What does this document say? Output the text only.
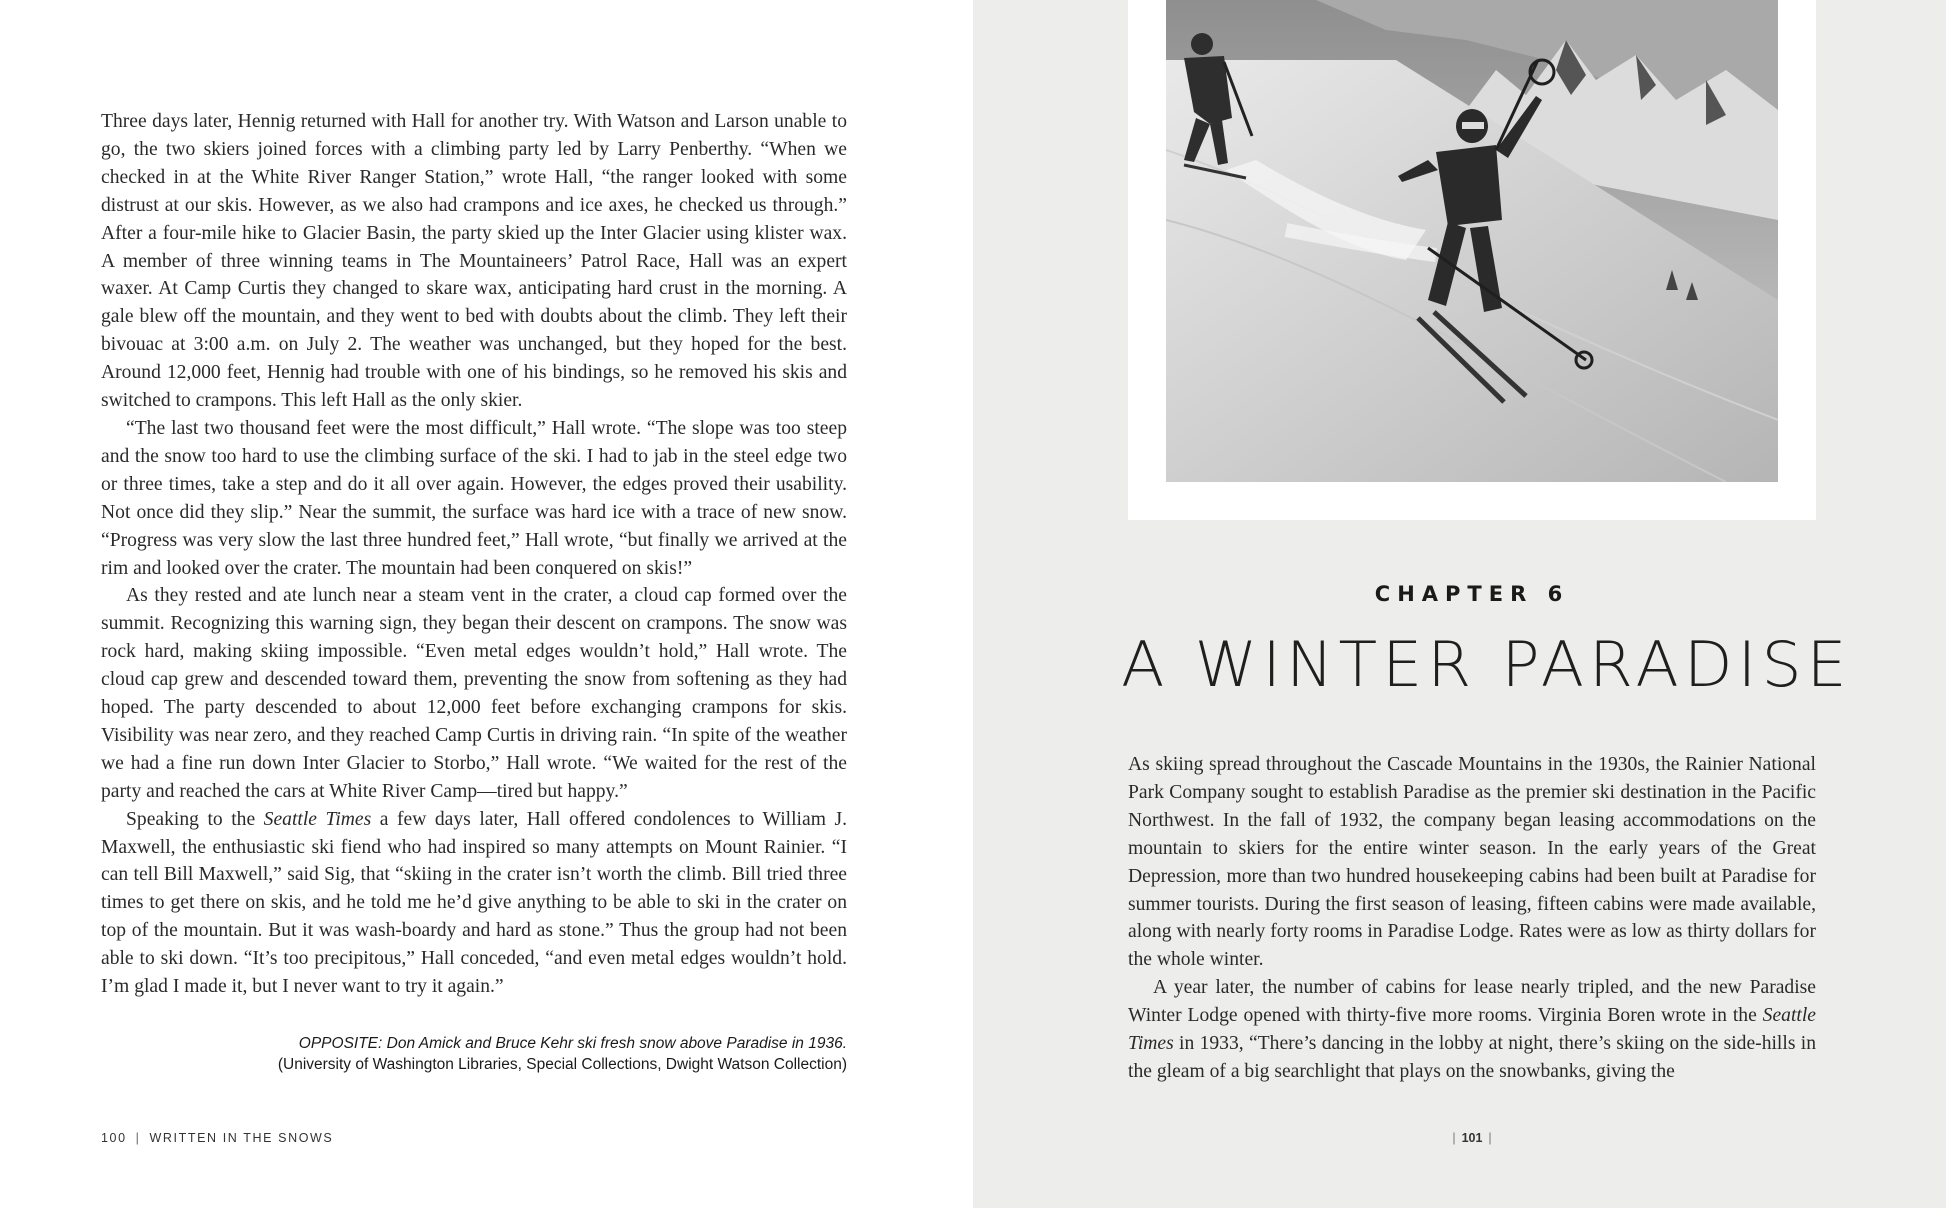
Three days later, Hennig returned with Hall for another try. With Watson and Larson unable to go, the two skiers joined forces with a climbing party led by Larry Penberthy. “When we checked in at the White River Ranger Station,” wrote Hall, “the ranger looked with some distrust at our skis. However, as we also had crampons and ice axes, he checked us through.” After a four-mile hike to Glacier Basin, the party skied up the Inter Glacier using klister wax. A member of three winning teams in The Mountaineers’ Patrol Race, Hall was an expert waxer. At Camp Curtis they changed to skare wax, anticipating hard crust in the morning. A gale blew off the mountain, and they went to bed with doubts about the climb. They left their bivouac at 3:00 a.m. on July 2. The weather was unchanged, but they hoped for the best. Around 12,000 feet, Hennig had trouble with one of his bindings, so he removed his skis and switched to crampons. This left Hall as the only skier.

“The last two thousand feet were the most difficult,” Hall wrote. “The slope was too steep and the snow too hard to use the climbing surface of the ski. I had to jab in the steel edge two or three times, take a step and do it all over again. However, the edges proved their usability. Not once did they slip.” Near the summit, the surface was hard ice with a trace of new snow. “Progress was very slow the last three hundred feet,” Hall wrote, “but finally we arrived at the rim and looked over the crater. The mountain had been conquered on skis!”

As they rested and ate lunch near a steam vent in the crater, a cloud cap formed over the summit. Recognizing this warning sign, they began their descent on crampons. The snow was rock hard, making skiing impossible. “Even metal edges wouldn’t hold,” Hall wrote. The cloud cap grew and descended toward them, preventing the snow from softening as they had hoped. The party descended to about 12,000 feet before exchanging crampons for skis. Visibility was near zero, and they reached Camp Curtis in driving rain. “In spite of the weather we had a fine run down Inter Glacier to Storbo,” Hall wrote. “We waited for the rest of the party and reached the cars at White River Camp—tired but happy.”

Speaking to the Seattle Times a few days later, Hall offered condolences to William J. Maxwell, the enthusiastic ski fiend who had inspired so many attempts on Mount Rainier. “I can tell Bill Maxwell,” said Sig, that “skiing in the crater isn’t worth the climb. Bill tried three times to get there on skis, and he told me he’d give anything to be able to ski in the crater on top of the mountain. But it was wash-boardy and hard as stone.” Thus the group had not been able to ski down. “It’s too precipitous,” Hall conceded, “and even metal edges wouldn’t hold. I’m glad I made it, but I never want to try it again.”

OPPOSITE: Don Amick and Bruce Kehr ski fresh snow above Paradise in 1936. (University of Washington Libraries, Special Collections, Dwight Watson Collection)
100 | WRITTEN IN THE SNOWS
CHAPTER 6
A WINTER PARADISE

As skiing spread throughout the Cascade Mountains in the 1930s, the Rainier National Park Company sought to establish Paradise as the premier ski destination in the Pacific Northwest. In the fall of 1932, the company began leasing accommodations on the mountain to skiers for the entire winter season. In the early years of the Great Depression, more than two hundred housekeeping cabins had been built at Paradise for summer tourists. During the first season of leasing, fifteen cabins were made available, along with nearly forty rooms in Paradise Lodge. Rates were as low as thirty dollars for the whole winter.

A year later, the number of cabins for lease nearly tripled, and the new Paradise Winter Lodge opened with thirty-five more rooms. Virginia Boren wrote in the Seattle Times in 1933, “There’s dancing in the lobby at night, there’s skiing on the side-hills in the gleam of a big searchlight that plays on the snowbanks, giving the

| 101 |
